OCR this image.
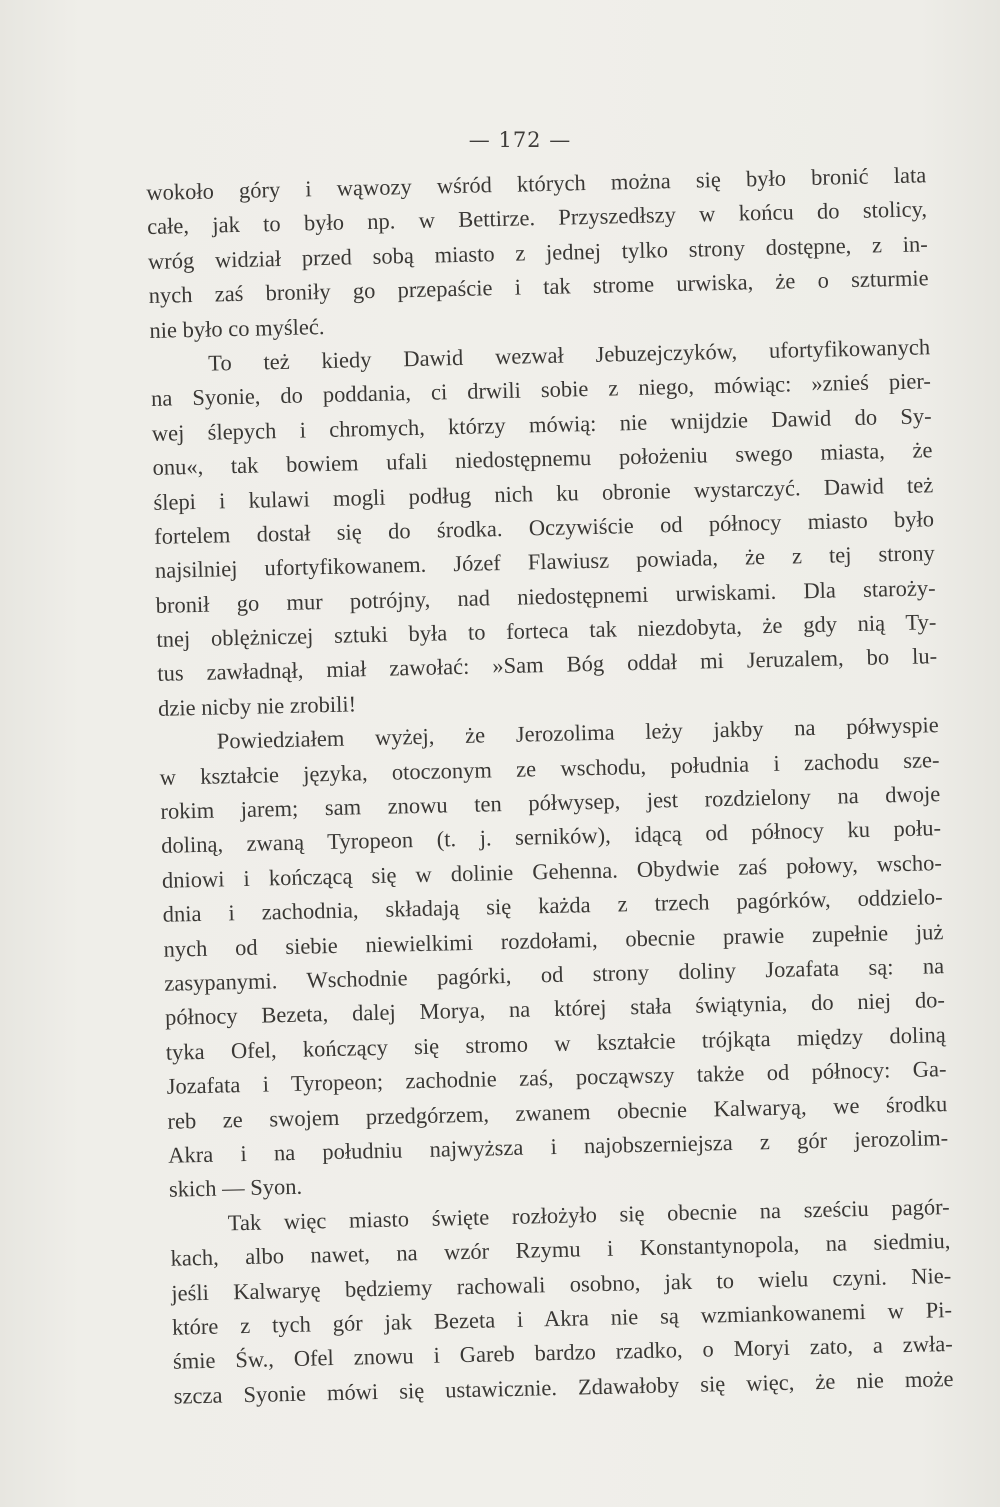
— 172 —
wokoło góry i wąwozy wśród których można się było bronić lata
całe, jak to było np. w Bettirze. Przyszedłszy w końcu do stolicy,
wróg widział przed sobą miasto z jednej tylko strony dostępne, z in-
nych zaś broniły go przepaście i tak strome urwiska, że o szturmie
nie było co myśleć.
To też kiedy Dawid wezwał Jebuzejczyków, ufortyfikowanych
na Syonie, do poddania, ci drwili sobie z niego, mówiąc: »znieś pier-
wej ślepych i chromych, którzy mówią: nie wnijdzie Dawid do Sy-
onu«, tak bowiem ufali niedostępnemu położeniu swego miasta, że
ślepi i kulawi mogli podług nich ku obronie wystarczyć. Dawid też
fortelem dostał się do środka. Oczywiście od północy miasto było
najsilniej ufortyfikowanem. Józef Flawiusz powiada, że z tej strony
bronił go mur potrójny, nad niedostępnemi urwiskami. Dla staroży-
tnej oblężniczej sztuki była to forteca tak niezdobyta, że gdy nią Ty-
tus zawładnął, miał zawołać: »Sam Bóg oddał mi Jeruzalem, bo lu-
dzie nicby nie zrobili!
Powiedziałem wyżej, że Jerozolima leży jakby na półwyspie
w kształcie języka, otoczonym ze wschodu, południa i zachodu sze-
rokim jarem; sam znowu ten półwysep, jest rozdzielony na dwoje
doliną, zwaną Tyropeon (t. j. serników), idącą od północy ku połu-
dniowi i kończącą się w dolinie Gehenna. Obydwie zaś połowy, wscho-
dnia i zachodnia, składają się każda z trzech pagórków, oddzielo-
nych od siebie niewielkimi rozdołami, obecnie prawie zupełnie już
zasypanymi. Wschodnie pagórki, od strony doliny Jozafata są: na
północy Bezeta, dalej Morya, na której stała świątynia, do niej do-
tyka Ofel, kończący się stromo w kształcie trójkąta między doliną
Jozafata i Tyropeon; zachodnie zaś, począwszy także od północy: Ga-
reb ze swojem przedgórzem, zwanem obecnie Kalwaryą, we środku
Akra i na południu najwyższa i najobszerniejsza z gór jerozolim-
skich — Syon.
Tak więc miasto święte rozłożyło się obecnie na sześciu pagór-
kach, albo nawet, na wzór Rzymu i Konstantynopola, na siedmiu,
jeśli Kalwaryę będziemy rachowali osobno, jak to wielu czyni. Nie-
które z tych gór jak Bezeta i Akra nie są wzmiankowanemi w Pi-
śmie Św., Ofel znowu i Gareb bardzo rzadko, o Moryi zato, a zwła-
szcza Syonie mówi się ustawicznie. Zdawałoby się więc, że nie może
